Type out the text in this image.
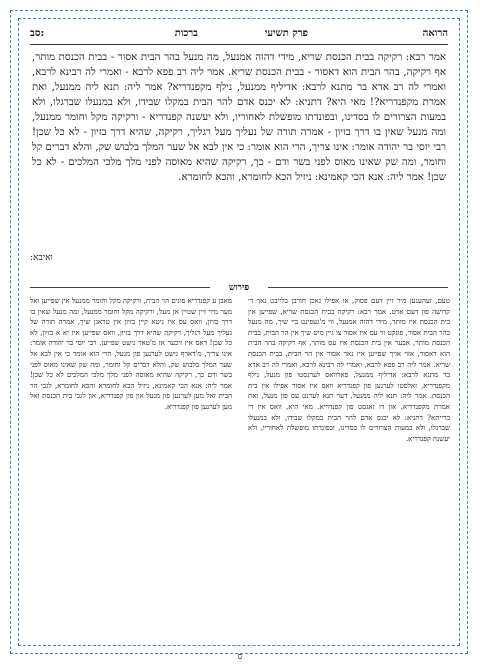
הרואה
פרק תשיעי
ברכות
סב:
אמר רבא: רקיקה בבית הכנסת שריא, מידי דהוה אמנעל, מה מנעל בהר הבית אסור - בבית הכנסת מותר, אף רקיקה, בהר הבית הוא דאסור - בבית הכנסת שריא. אמר ליה רב פפא לרבא - ואמרי לה רבינא לרבא, ואמרי לה רב אדא בר מתנא לרבא: אדיליף ממנעל, נילף מקפנדריא? אמר ליה: תנא ליה ממנעל, ואת אמרת מקפנדריא?! מאי היא? דתניא: לא יכנס אדם להר הבית במקלו שבידו, ולא במנעלו שברגלו, ולא במעות הצרורים לו בסדינו, ובפונדתו מופשלת לאחוריו, ולא יעשנה קפנדריא - ורקיקה מקל וחומר ממנעל, ומה מנעל שאין בו דרך בזיון - אמרה תורה של נעליך מעל רגליך, רקיקה, שהיא דרך בזיון - לא כל שכן! רבי יוסי בר יהודה אומר: אינו צריך, הרי הוא אומר: כי אין לבא אל שער המלך בלבוש שק, והלא דברים קל וחומר, ומה שק שאינו מאוס לפני בשר ודם - כך, רקיקה שהיא מאוסה לפני מלך מלכי המלכים - לא כל שכן! אמר ליה: אנא הכי קאמינא: ניזיל הכא לחומרא, והכא לחומרא.
ואיבא:
פירוש
טעם, זעהענען מיר זיין דעם פסוק, או אפילו נאכן חורבן בלייבט נאך די קדושה פון דעם ארט. אמר רבא: רקיקה בבית הכנסת שריא, שפייען אין בית הכנסת איז מותר, מידי דהוה אמנעל, ווי מ'געפינט ביי שיך, מה מנעל בהר הבית אסור, פונקט ווי עס איז אסור צו גיין מיט שיך אין הר הבית, בבית הכנסת מותר, אבער אין בית הכנסת איז עס מותר, אף רקיקה בהר הבית הוא דאסור, אזוי אויך שפייען איז נאר אסור אין הר הבית, בבית הכנסת שריא. אמר ליה רב פפא לרבא, ואמרי לה רבינא לרבא, ואמרי לה רב אדא בר מתנא לרבא: אדיליף ממנעל, פארוואס לערנסטו פון מנעל, נילף מקפנדריא, זאלסטו לערנען פון קפנדריא וואס איז אסור אפילו אין בית הכנסת. אמר ליה: תנא ליה ממנעל, דער תנא לערנט עס פון מנעל, ואת אמרת מקפנדריא, און דו זאגסט פון קפנדריא. מאי היא, וואס איז די ברייתא? דתניא: לא יכנס אדם להר הבית במקלו שבידו, ולא במנעלו שברגלו, ולא במעות הצרורים לו בסדינו, ובפונדתו מופשלת לאחוריו, ולא יעשנה קפנדריא.
מאבן ע קפנדריא פונים הר הבית, ורקיקה מקל וחומר ממנעל אין שפייען ואל מער מיר זיין שטיין אן מעל, ורקיקה מקל וחומר ממנעל, ומה מנעל שאין בו דרך בזיון, וואס עס איז ניטא קיין בזיון אין טראגן שיך, אמרה תורה של נעליך מעל רגליך, רקיקה שהיא דרך בזיון, וואס שפייען איז יא א בזיון, לא כל שכן! דאס איז זיכער אז מ'טאר נישט שפייען. רבי יוסי בר יהודה אומר: אינו צריך, מ'דארף נישט לערנען פון מנעל, הרי הוא אומר כי אין לבא אל שער המלך בלבוש שק, והלא דברים קל וחומר, ומה שק שאינו מאוס לפני בשר ודם כך, רקיקה שהיא מאוסה לפני מלך מלכי המלכים לא כל שכן! אמר ליה: אנא הכי קאמינא, ניזיל הכא לחומרא והכא לחומרא, לגבי הר הבית זאל מען לערנען פון מנעל און פון קפנדריא, און לגבי בית הכנסת זאל מען לערנען פון קפנדריא.
ס
